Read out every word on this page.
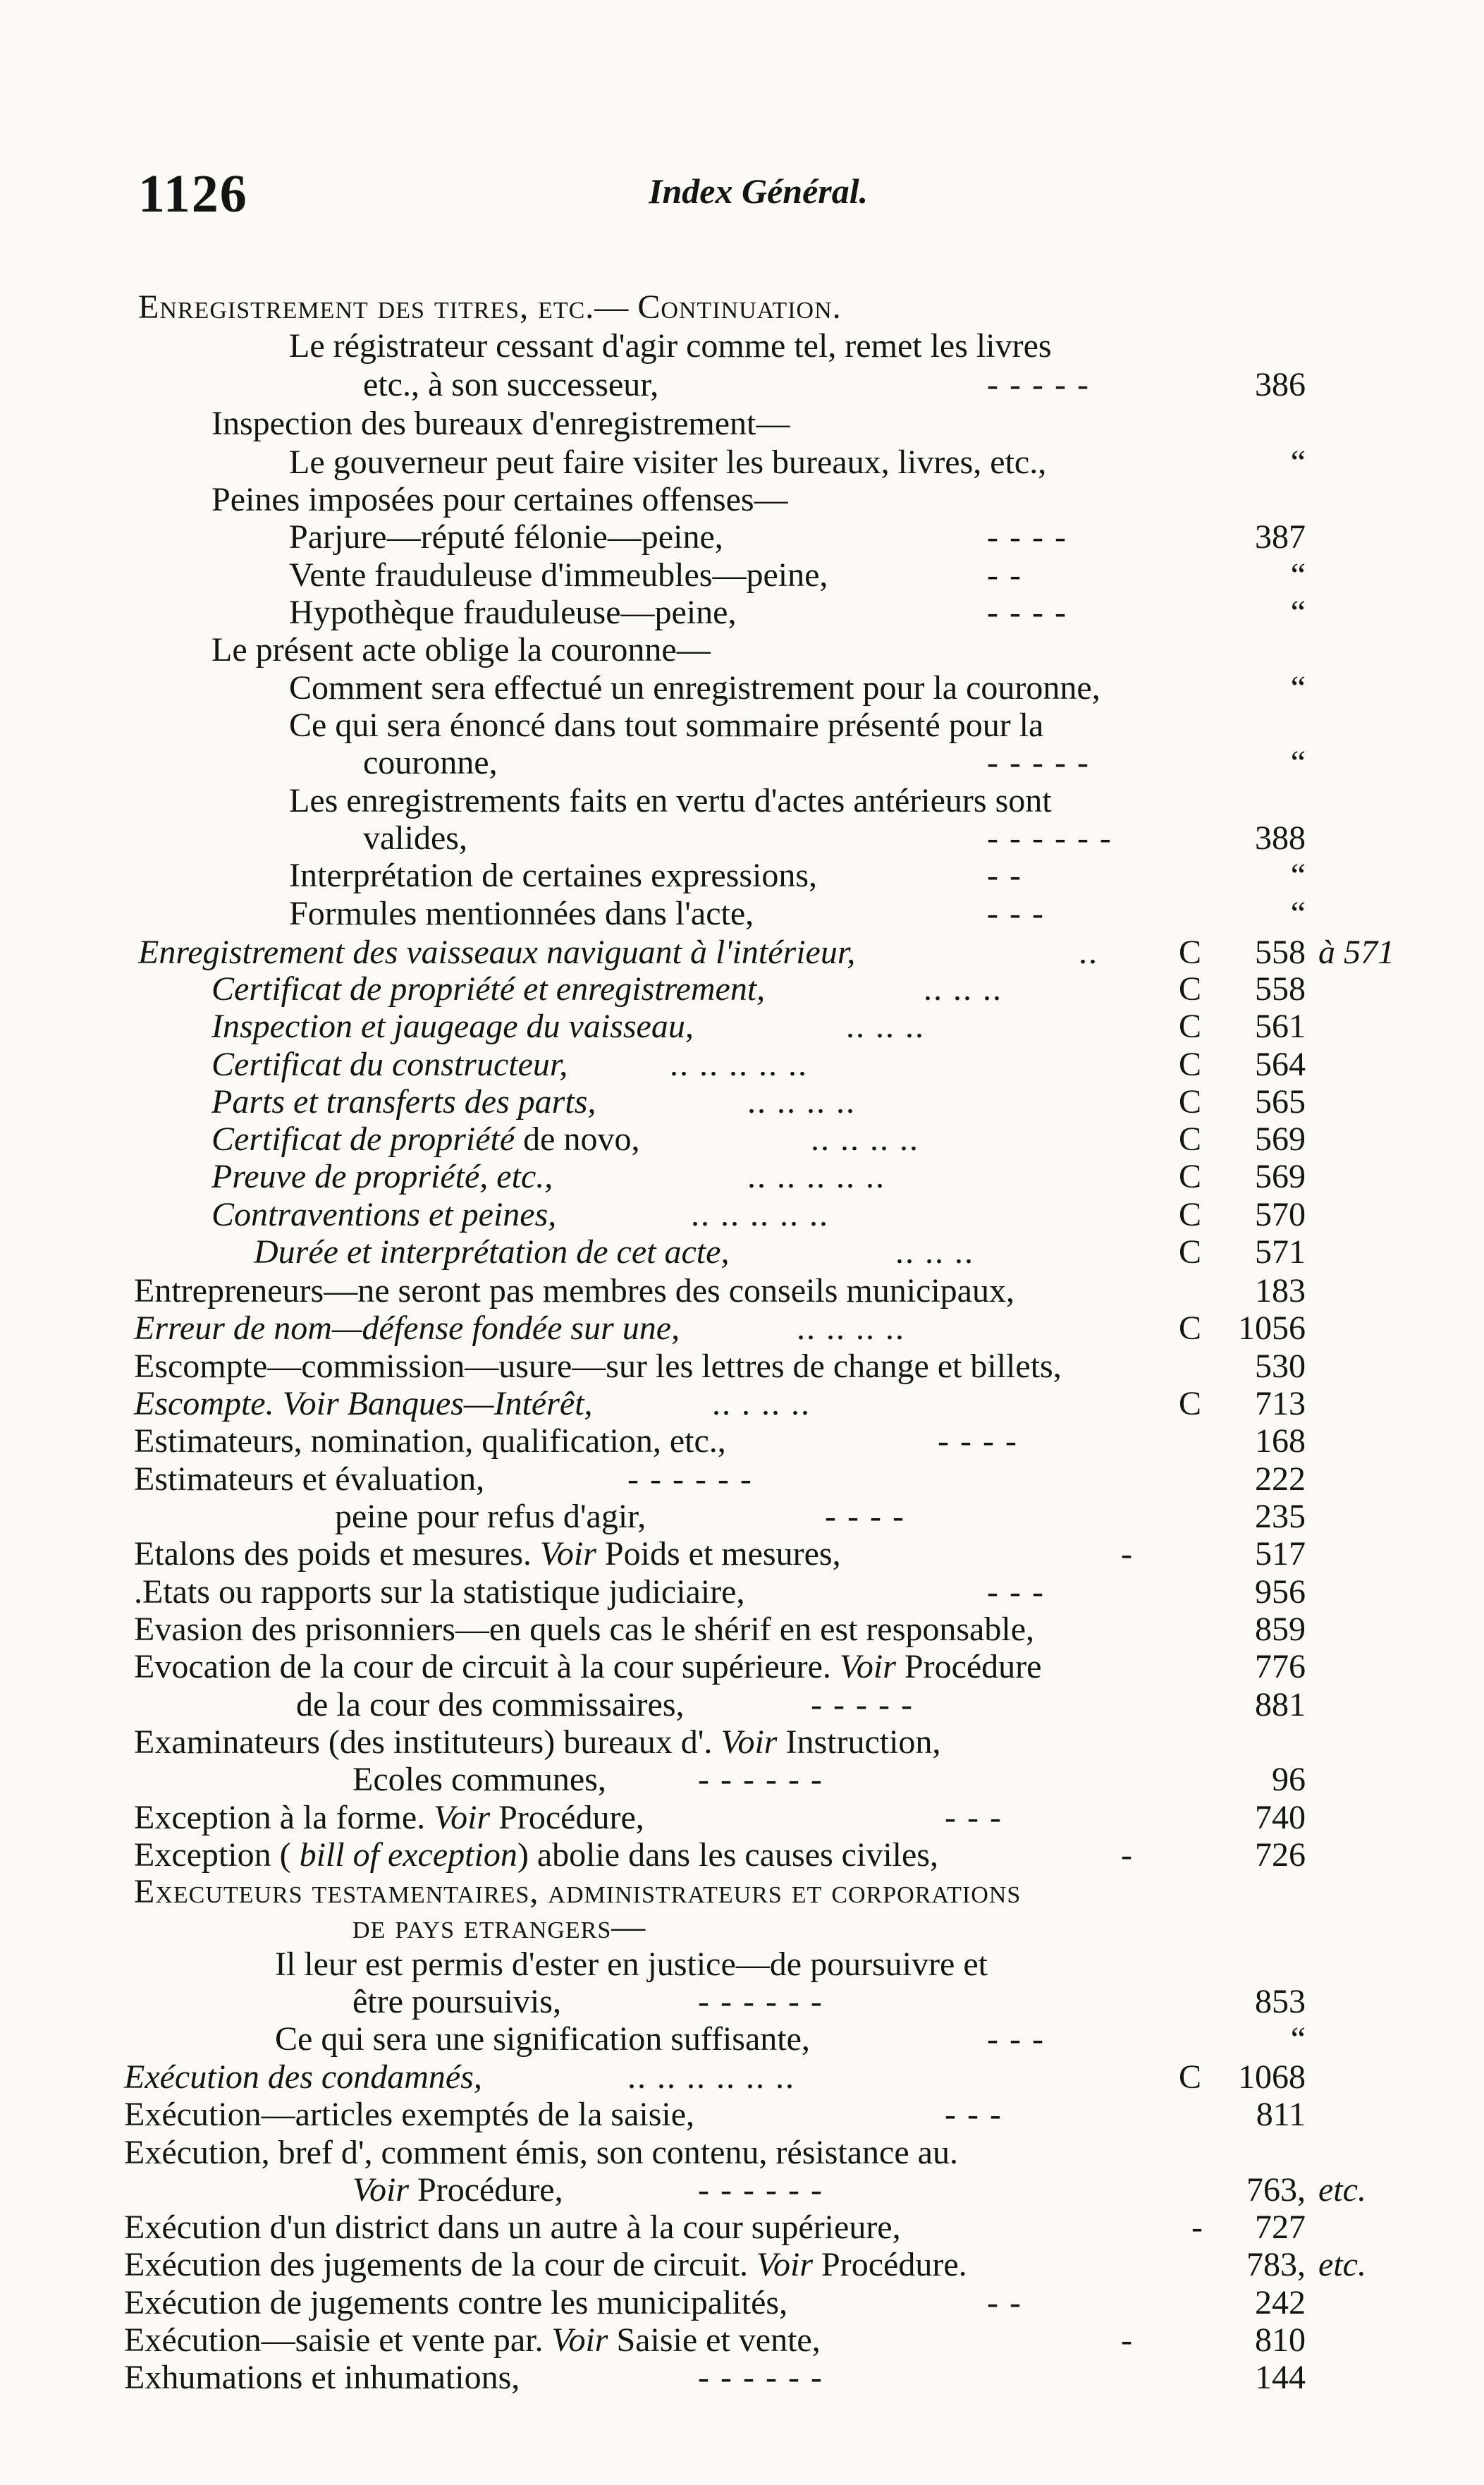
1126	Index Général.
Enregistrement des titres, etc.— Continuation.
Le régistrateur cessant d'agir comme tel, remet les livres
etc., à son successeur,	- - - - -	386
Inspection des bureaux d'enregistrement—
Le gouverneur peut faire visiter les bureaux, livres, etc.,	“
Peines imposées pour certaines offenses—
Parjure—réputé félonie—peine,	- - - -	387
Vente frauduleuse d'immeubles—peine,	- -	“
Hypothèque frauduleuse—peine,	- - - -	“
Le présent acte oblige la couronne—
Comment sera effectué un enregistrement pour la couronne,	“
Ce qui sera énoncé dans tout sommaire présenté pour la
couronne,	- - - - -	“
Les enregistrements faits en vertu d'actes antérieurs sont
valides,	- - - - - -	388
Interprétation de certaines expressions,	- -	“
Formules mentionnées dans l'acte,	- - -	“
Enregistrement des vaisseaux naviguant à l'intérieur,	.. C	558 à 571
Certificat de propriété et enregistrement,	.. .. ..	C	558
Inspection et jaugeage du vaisseau,	.. .. ..	C	561
Certificat du constructeur,	.. .. .. .. ..	C	564
Parts et transferts des parts,	.. .. .. ..	C	565
Certificat de propriété de novo,	.. .. .. ..	C	569
Preuve de propriété, etc.,	.. .. .. .. ..	C	569
Contraventions et peines,	.. .. .. .. ..	C	570
Durée et interprétation de cet acte,	.. .. ..	C	571
Entrepreneurs—ne seront pas membres des conseils municipaux,	183
Erreur de nom—défense fondée sur une,	.. .. .. ..	C	1056
Escompte—commission—usure—sur les lettres de change et billets,	530
Escompte. Voir Banques—Intérêt,	.. . .. ..	C	713
Estimateurs, nomination, qualification, etc.,	- - - -	168
Estimateurs et évaluation,	- - - - - -	222
peine pour refus d'agir,	- - - -	235
Etalons des poids et mesures. Voir Poids et mesures,	-	517
.Etats ou rapports sur la statistique judiciaire,	- - -	956
Evasion des prisonniers—en quels cas le shérif en est responsable,	859
Evocation de la cour de circuit à la cour supérieure. Voir Procédure	776
de la cour des commissaires,	- - - - -	881
Examinateurs (des instituteurs) bureaux d'. Voir Instruction,
Ecoles communes,	- - - - - -	96
Exception à la forme. Voir Procédure,	- - -	740
Exception ( bill of exception) abolie dans les causes civiles,	-	726
Executeurs testamentaires, administrateurs et corporations
de pays etrangers—
Il leur est permis d'ester en justice—de poursuivre et
être poursuivis,	- - - - - -	853
Ce qui sera une signification suffisante,	- - -	“
Exécution des condamnés,	.. .. .. .. .. ..	C	1068
Exécution—articles exemptés de la saisie,	- - -	811
Exécution, bref d', comment émis, son contenu, résistance au.
Voir Procédure,	- - - - - -	763, etc.
Exécution d'un district dans un autre à la cour supérieure,	-	727
Exécution des jugements de la cour de circuit. Voir Procédure.	783, etc.
Exécution de jugements contre les municipalités,	- -	242
Exécution—saisie et vente par. Voir Saisie et vente,	-	810
Exhumations et inhumations,	- - - - - -	144
